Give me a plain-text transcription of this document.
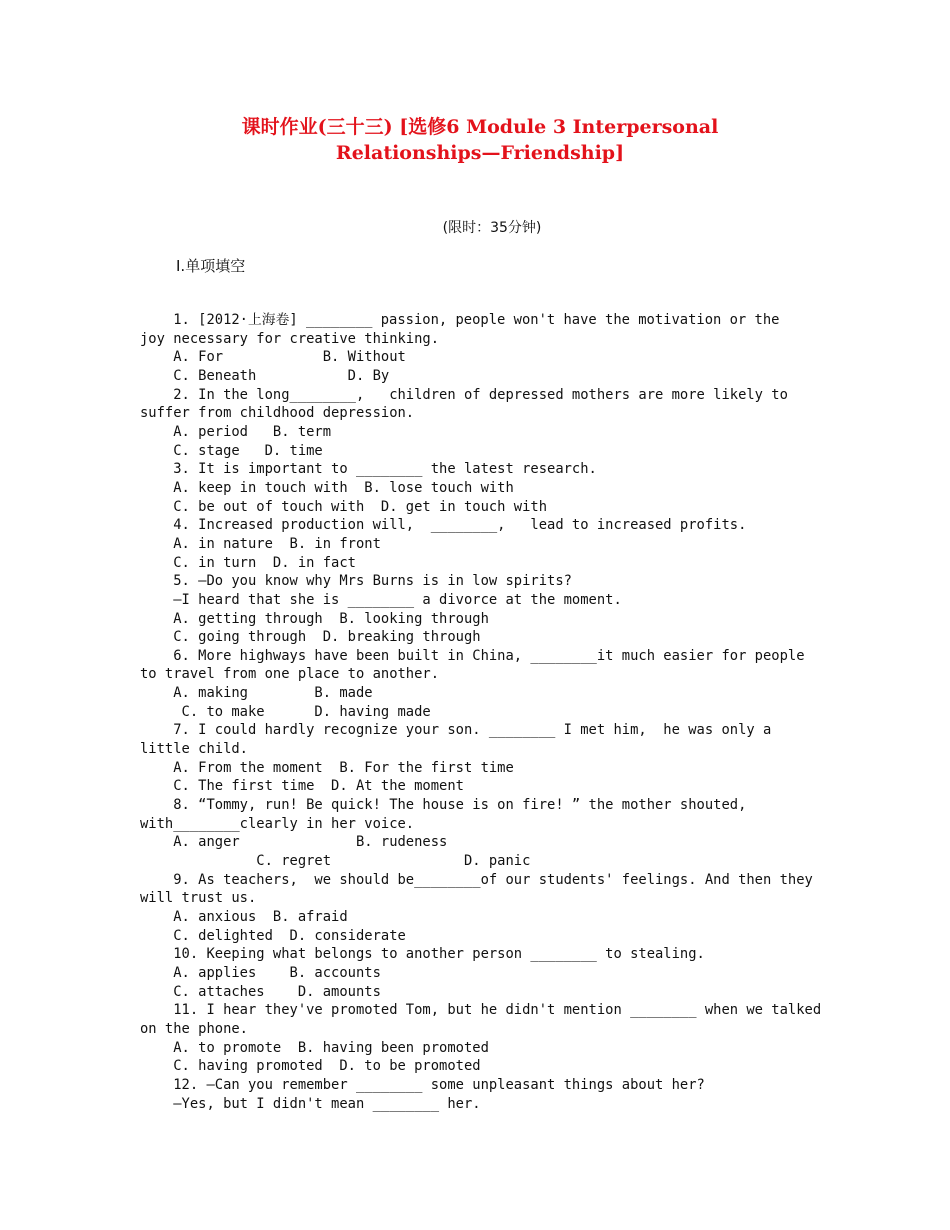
课时作业(三十三) [选修6 Module 3 Interpersonal
Relationships—Friendship]
(限时：35分钟)
Ⅰ.单项填空
1. [2012·上海卷] ________ passion, people won't have the motivation or the
joy necessary for creative thinking.
A. For            B. Without
C. Beneath           D. By
2. In the long________,   children of depressed mothers are more likely to
suffer from childhood depression.
A. period   B. term
C. stage   D. time
3. It is important to ________ the latest research.
A. keep in touch with  B. lose touch with
C. be out of touch with  D. get in touch with
4. Increased production will,  ________,   lead to increased profits.
A. in nature  B. in front
C. in turn  D. in fact
5. —Do you know why Mrs Burns is in low spirits?
—I heard that she is ________ a divorce at the moment.
A. getting through  B. looking through
C. going through  D. breaking through
6. More highways have been built in China, ________it much easier for people
to travel from one place to another.
A. making        B. made
C. to make      D. having made
7. I could hardly recognize your son. ________ I met him,  he was only a
little child.
A. From the moment  B. For the first time
C. The first time  D. At the moment
8. “Tommy, run! Be quick! The house is on fire! ” the mother shouted,
with________clearly in her voice.
A. anger              B. rudeness
C. regret                D. panic
9. As teachers,  we should be________of our students' feelings. And then they
will trust us.
A. anxious  B. afraid
C. delighted  D. considerate
10. Keeping what belongs to another person ________ to stealing.
A. applies    B. accounts
C. attaches    D. amounts
11. I hear they've promoted Tom, but he didn't mention ________ when we talked
on the phone.
A. to promote  B. having been promoted
C. having promoted  D. to be promoted
12. —Can you remember ________ some unpleasant things about her?
—Yes, but I didn't mean ________ her.
